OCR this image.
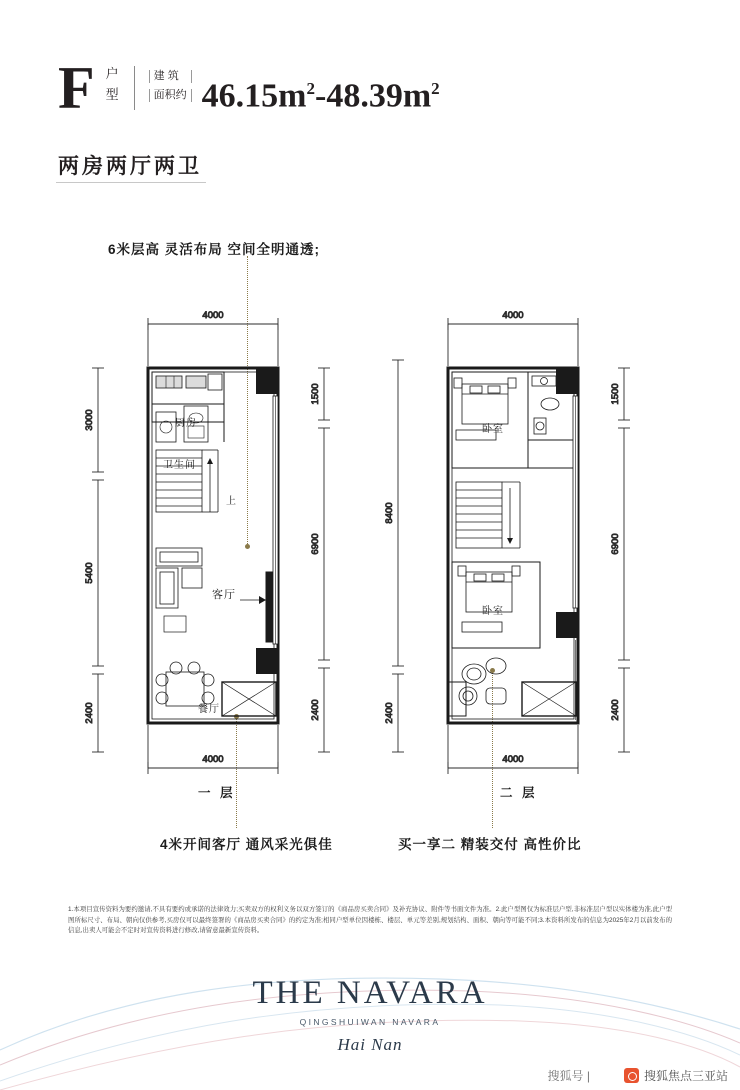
F 户
型
建 筑
面积约 $46.15m^2-48.39m^2$
两房两厅两卫
6米层高 灵活布局 空间全明通透;
4米开间客厅 通风采光俱佳	买一享二 精装交付 高性价比
4000
4000
3000
5400
2400
1500
6900
2400
厨房
卫生间
上
客厅
餐厅
一 层
4000
4000
8400
2400
1500
6900
2400
卧室
卧室
二 层
1.本项目宣传资料为要约邀请,不具有要约或承诺的法律效力;买卖双方的权利义务以双方签订的《商品房买卖合同》及补充协议、附件等书面文件为准。2.此户型图仅为标准层户型,非标准层户型以实体楼为准,此户型图所标尺寸、布局、朝向仅供参考,买房仅可以最终签署的《商品房买卖合同》的约定为准;相同户型单位因楼栋、楼层、单元等差别,规划结构、面积、朝向等可能不同;3.本资料所发布的信息为2025年2月以前发布的信息,出卖人可能会不定时对宣传资料进行修改,请留意最新宣传资料。
THE NAVARA
QINGSHUIWAN NAVARA
Hai Nan
搜狐号 |	搜狐焦点三亚站
